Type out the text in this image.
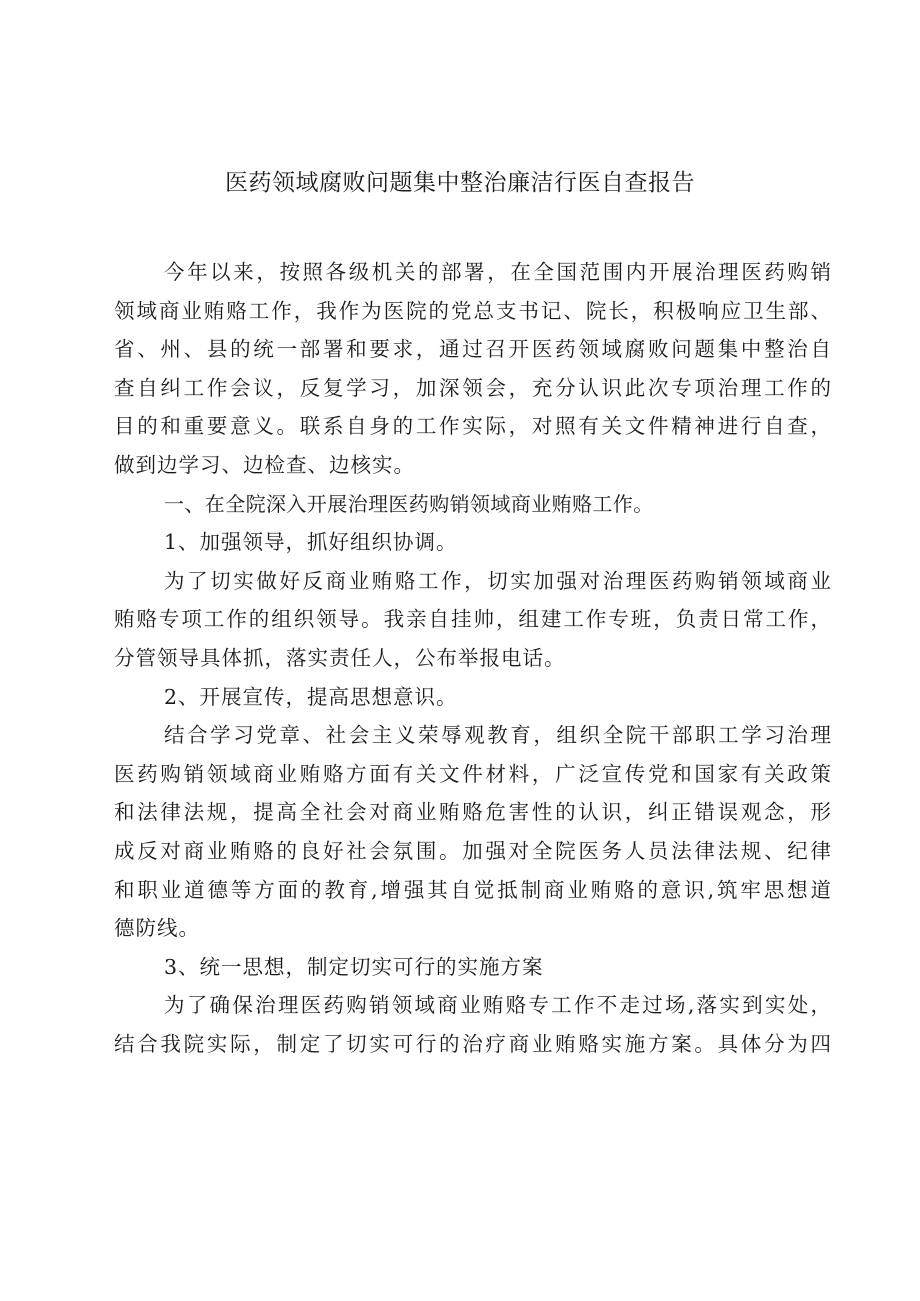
医药领域腐败问题集中整治廉洁行医自查报告
今年以来，按照各级机关的部署，在全国范围内开展治理医药购销
领域商业贿赂工作，我作为医院的党总支书记、院长，积极响应卫生部、
省、州、县的统一部署和要求，通过召开医药领域腐败问题集中整治自
查自纠工作会议，反复学习，加深领会，充分认识此次专项治理工作的
目的和重要意义。联系自身的工作实际，对照有关文件精神进行自查，
做到边学习、边检查、边核实。
一、在全院深入开展治理医药购销领域商业贿赂工作。
1、加强领导，抓好组织协调。
为了切实做好反商业贿赂工作，切实加强对治理医药购销领域商业
贿赂专项工作的组织领导。我亲自挂帅，组建工作专班，负责日常工作，
分管领导具体抓，落实责任人，公布举报电话。
2、开展宣传，提高思想意识。
结合学习党章、社会主义荣辱观教育，组织全院干部职工学习治理
医药购销领域商业贿赂方面有关文件材料，广泛宣传党和国家有关政策
和法律法规，提高全社会对商业贿赂危害性的认识，纠正错误观念，形
成反对商业贿赂的良好社会氛围。加强对全院医务人员法律法规、纪律
和职业道德等方面的教育,增强其自觉抵制商业贿赂的意识,筑牢思想道
德防线。
3、统一思想，制定切实可行的实施方案
为了确保治理医药购销领域商业贿赂专工作不走过场,落实到实处，
结合我院实际，制定了切实可行的治疗商业贿赂实施方案。具体分为四
